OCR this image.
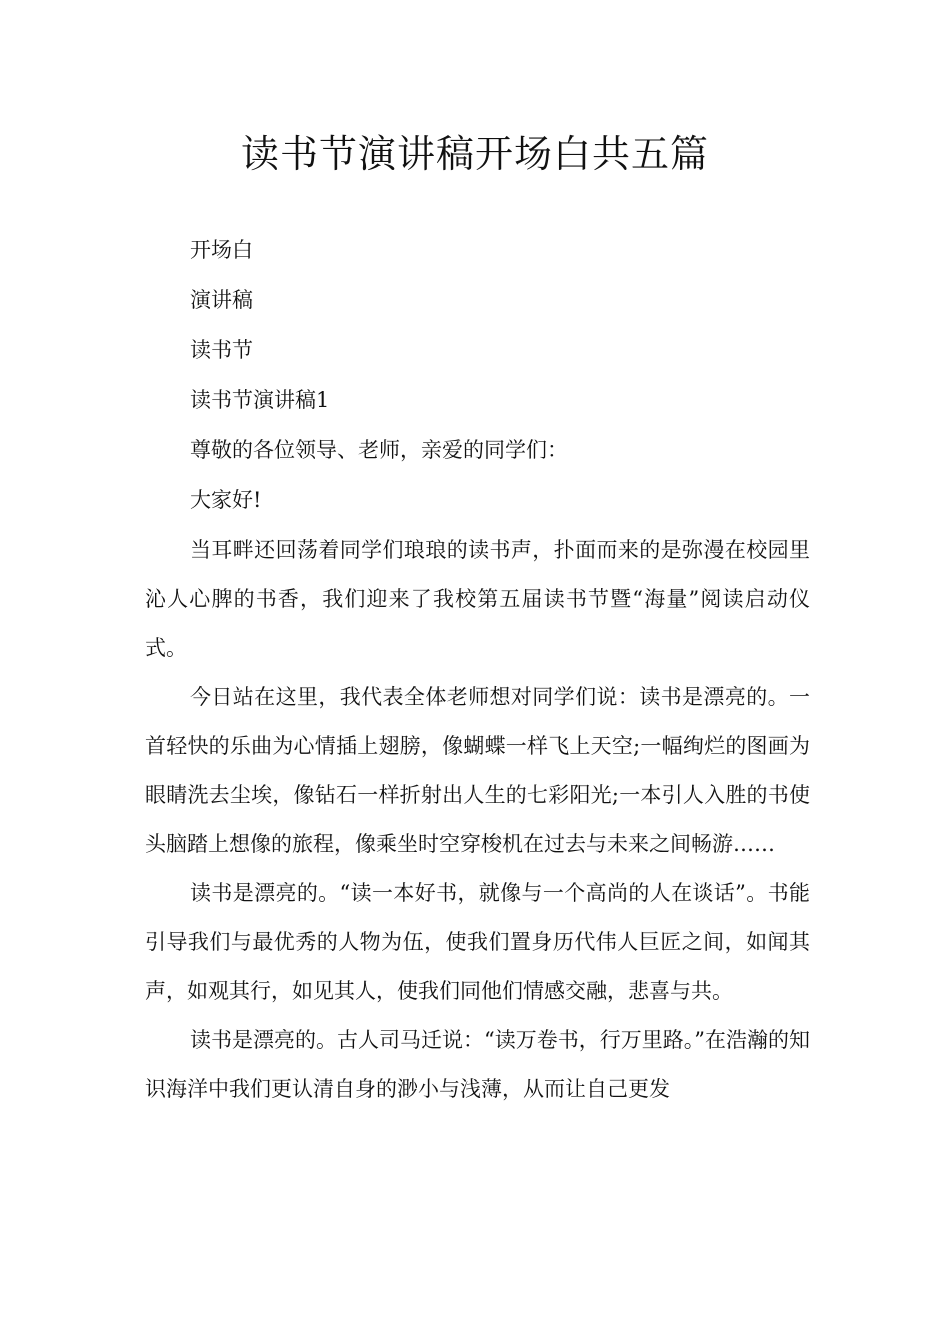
读书节演讲稿开场白共五篇

开场白

演讲稿

读书节

读书节演讲稿1

尊敬的各位领导、老师，亲爱的同学们：

大家好!

当耳畔还回荡着同学们琅琅的读书声，扑面而来的是弥漫在校园里沁人心脾的书香，我们迎来了我校第五届读书节暨“海量”阅读启动仪式。

今日站在这里，我代表全体老师想对同学们说：读书是漂亮的。一首轻快的乐曲为心情插上翅膀，像蝴蝶一样飞上天空;一幅绚烂的图画为眼睛洗去尘埃，像钻石一样折射出人生的七彩阳光;一本引人入胜的书使头脑踏上想像的旅程，像乘坐时空穿梭机在过去与未来之间畅游……

读书是漂亮的。“读一本好书，就像与一个高尚的人在谈话”。书能引导我们与最优秀的人物为伍，使我们置身历代伟人巨匠之间，如闻其声，如观其行，如见其人，使我们同他们情感交融，悲喜与共。

读书是漂亮的。古人司马迁说：“读万卷书，行万里路。”在浩瀚的知识海洋中我们更认清自身的渺小与浅薄，从而让自己更发
